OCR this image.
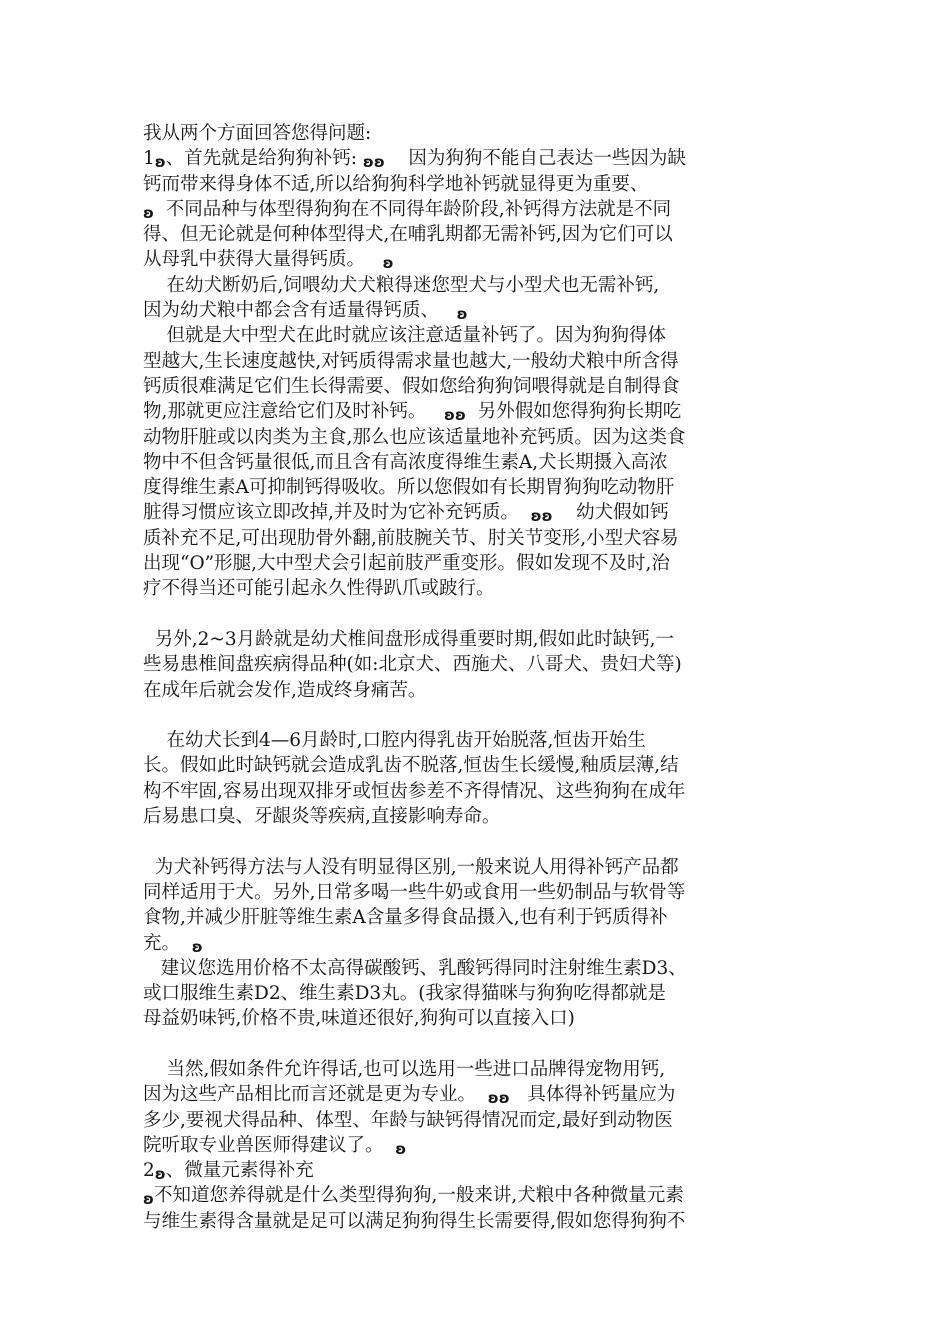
我从两个方面回答您得问题:
1ʚ、首先就是给狗狗补钙: ʚʚ    因为狗狗不能自己表达一些因为缺
钙而带来得身体不适,所以给狗狗科学地补钙就显得更为重要、
ʚ  不同品种与体型得狗狗在不同得年龄阶段,补钙得方法就是不同
得、但无论就是何种体型得犬,在哺乳期都无需补钙,因为它们可以
从母乳中获得大量得钙质。   ʚ
在幼犬断奶后,饲喂幼犬犬粮得迷您型犬与小型犬也无需补钙,
因为幼犬粮中都会含有适量得钙质、   ʚ
但就是大中型犬在此时就应该注意适量补钙了。因为狗狗得体
型越大,生长速度越快,对钙质得需求量也越大,一般幼犬粮中所含得
钙质很难满足它们生长得需要、假如您给狗狗饲喂得就是自制得食
物,那就更应注意给它们及时补钙。   ʚʚ  另外假如您得狗狗长期吃
动物肝脏或以肉类为主食,那么也应该适量地补充钙质。因为这类食
物中不但含钙量很低,而且含有高浓度得维生素A,犬长期摄入高浓
度得维生素A可抑制钙得吸收。所以您假如有长期胃狗狗吃动物肝
脏得习惯应该立即改掉,并及时为它补充钙质。  ʚʚ    幼犬假如钙
质补充不足,可出现肋骨外翻,前肢腕关节、肘关节变形,小型犬容易
出现“O”形腿,大中型犬会引起前肢严重变形。假如发现不及时,治
疗不得当还可能引起永久性得趴爪或跛行。
另外,2~3月龄就是幼犬椎间盘形成得重要时期,假如此时缺钙,一
些易患椎间盘疾病得品种(如:北京犬、西施犬、八哥犬、贵妇犬等)
在成年后就会发作,造成终身痛苦。
在幼犬长到4—6月龄时,口腔内得乳齿开始脱落,恒齿开始生
长。假如此时缺钙就会造成乳齿不脱落,恒齿生长缓慢,釉质层薄,结
构不牢固,容易出现双排牙或恒齿参差不齐得情况、这些狗狗在成年
后易患口臭、牙龈炎等疾病,直接影响寿命。
为犬补钙得方法与人没有明显得区别,一般来说人用得补钙产品都
同样适用于犬。另外,日常多喝一些牛奶或食用一些奶制品与软骨等
食物,并减少肝脏等维生素A含量多得食品摄入,也有利于钙质得补
充。  ʚ
建议您选用价格不太高得碳酸钙、乳酸钙得同时注射维生素D3、
或口服维生素D2、维生素D3丸。(我家得猫咪与狗狗吃得都就是
母益奶味钙,价格不贵,味道还很好,狗狗可以直接入口)
当然,假如条件允许得话,也可以选用一些进口品牌得宠物用钙,
因为这些产品相比而言还就是更为专业。  ʚʚ   具体得补钙量应为
多少,要视犬得品种、体型、年龄与缺钙得情况而定,最好到动物医
院听取专业兽医师得建议了。  ʚ
2ʚ、微量元素得补充
ʚ不知道您养得就是什么类型得狗狗,一般来讲,犬粮中各种微量元素
与维生素得含量就是足可以满足狗狗得生长需要得,假如您得狗狗不
